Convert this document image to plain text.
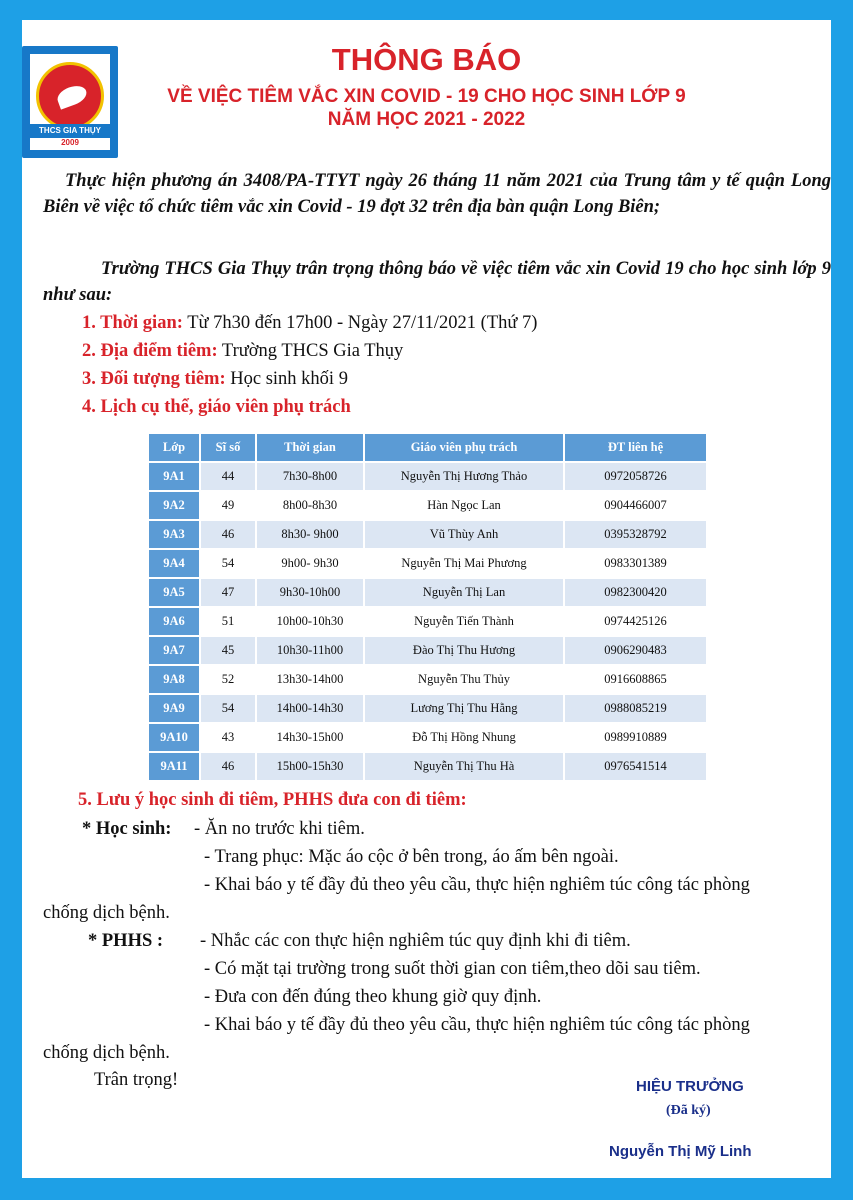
THCS GIA THỤY
2009
THÔNG BÁO
VỀ VIỆC TIÊM VẮC XIN COVID - 19 CHO HỌC SINH LỚP 9
NĂM HỌC 2021 - 2022
Thực hiện phương án 3408/PA-TTYT ngày 26 tháng 11 năm 2021 của Trung tâm y tế quận Long Biên về việc tổ chức tiêm vắc xin Covid - 19 đợt 32 trên địa bàn quận Long Biên;
Trường THCS Gia Thụy trân trọng thông báo về việc tiêm vắc xin Covid 19 cho học sinh lớp 9 như sau:
1. Thời gian: Từ 7h30 đến 17h00 - Ngày 27/11/2021 (Thứ 7)
2. Địa điểm tiêm: Trường THCS Gia Thụy
3. Đối tượng tiêm: Học sinh khối 9
4. Lịch cụ thể, giáo viên phụ trách
Lớp	Sĩ số	Thời gian	Giáo viên phụ trách	ĐT liên hệ
9A1	44	7h30-8h00	Nguyễn Thị Hương Thảo	0972058726
9A2	49	8h00-8h30	Hàn Ngọc Lan	0904466007
9A3	46	8h30- 9h00	Vũ Thùy Anh	0395328792
9A4	54	9h00- 9h30	Nguyễn Thị Mai Phương	0983301389
9A5	47	9h30-10h00	Nguyễn Thị Lan	0982300420
9A6	51	10h00-10h30	Nguyễn Tiến Thành	0974425126
9A7	45	10h30-11h00	Đào Thị Thu Hương	0906290483
9A8	52	13h30-14h00	Nguyễn Thu Thủy	0916608865
9A9	54	14h00-14h30	Lương Thị Thu Hằng	0988085219
9A10	43	14h30-15h00	Đỗ Thị Hồng Nhung	0989910889
9A11	46	15h00-15h30	Nguyễn Thị Thu Hà	0976541514
5. Lưu ý học sinh đi tiêm, PHHS đưa con đi tiêm:
* Học sinh: - Ăn no trước khi tiêm.
- Trang phục: Mặc áo cộc ở bên trong, áo ấm bên ngoài.
- Khai báo y tế đầy đủ theo yêu cầu, thực hiện nghiêm túc công tác phòng
chống dịch bệnh.
* PHHS : - Nhắc các con thực hiện nghiêm túc quy định khi đi tiêm.
- Có mặt tại trường trong suốt thời gian con tiêm,theo dõi sau tiêm.
- Đưa con đến đúng theo khung giờ quy định.
- Khai báo y tế đầy đủ theo yêu cầu, thực hiện nghiêm túc công tác phòng
chống dịch bệnh.
Trân trọng!	HIỆU TRƯỞNG
(Đã ký)
Nguyễn Thị Mỹ Linh
